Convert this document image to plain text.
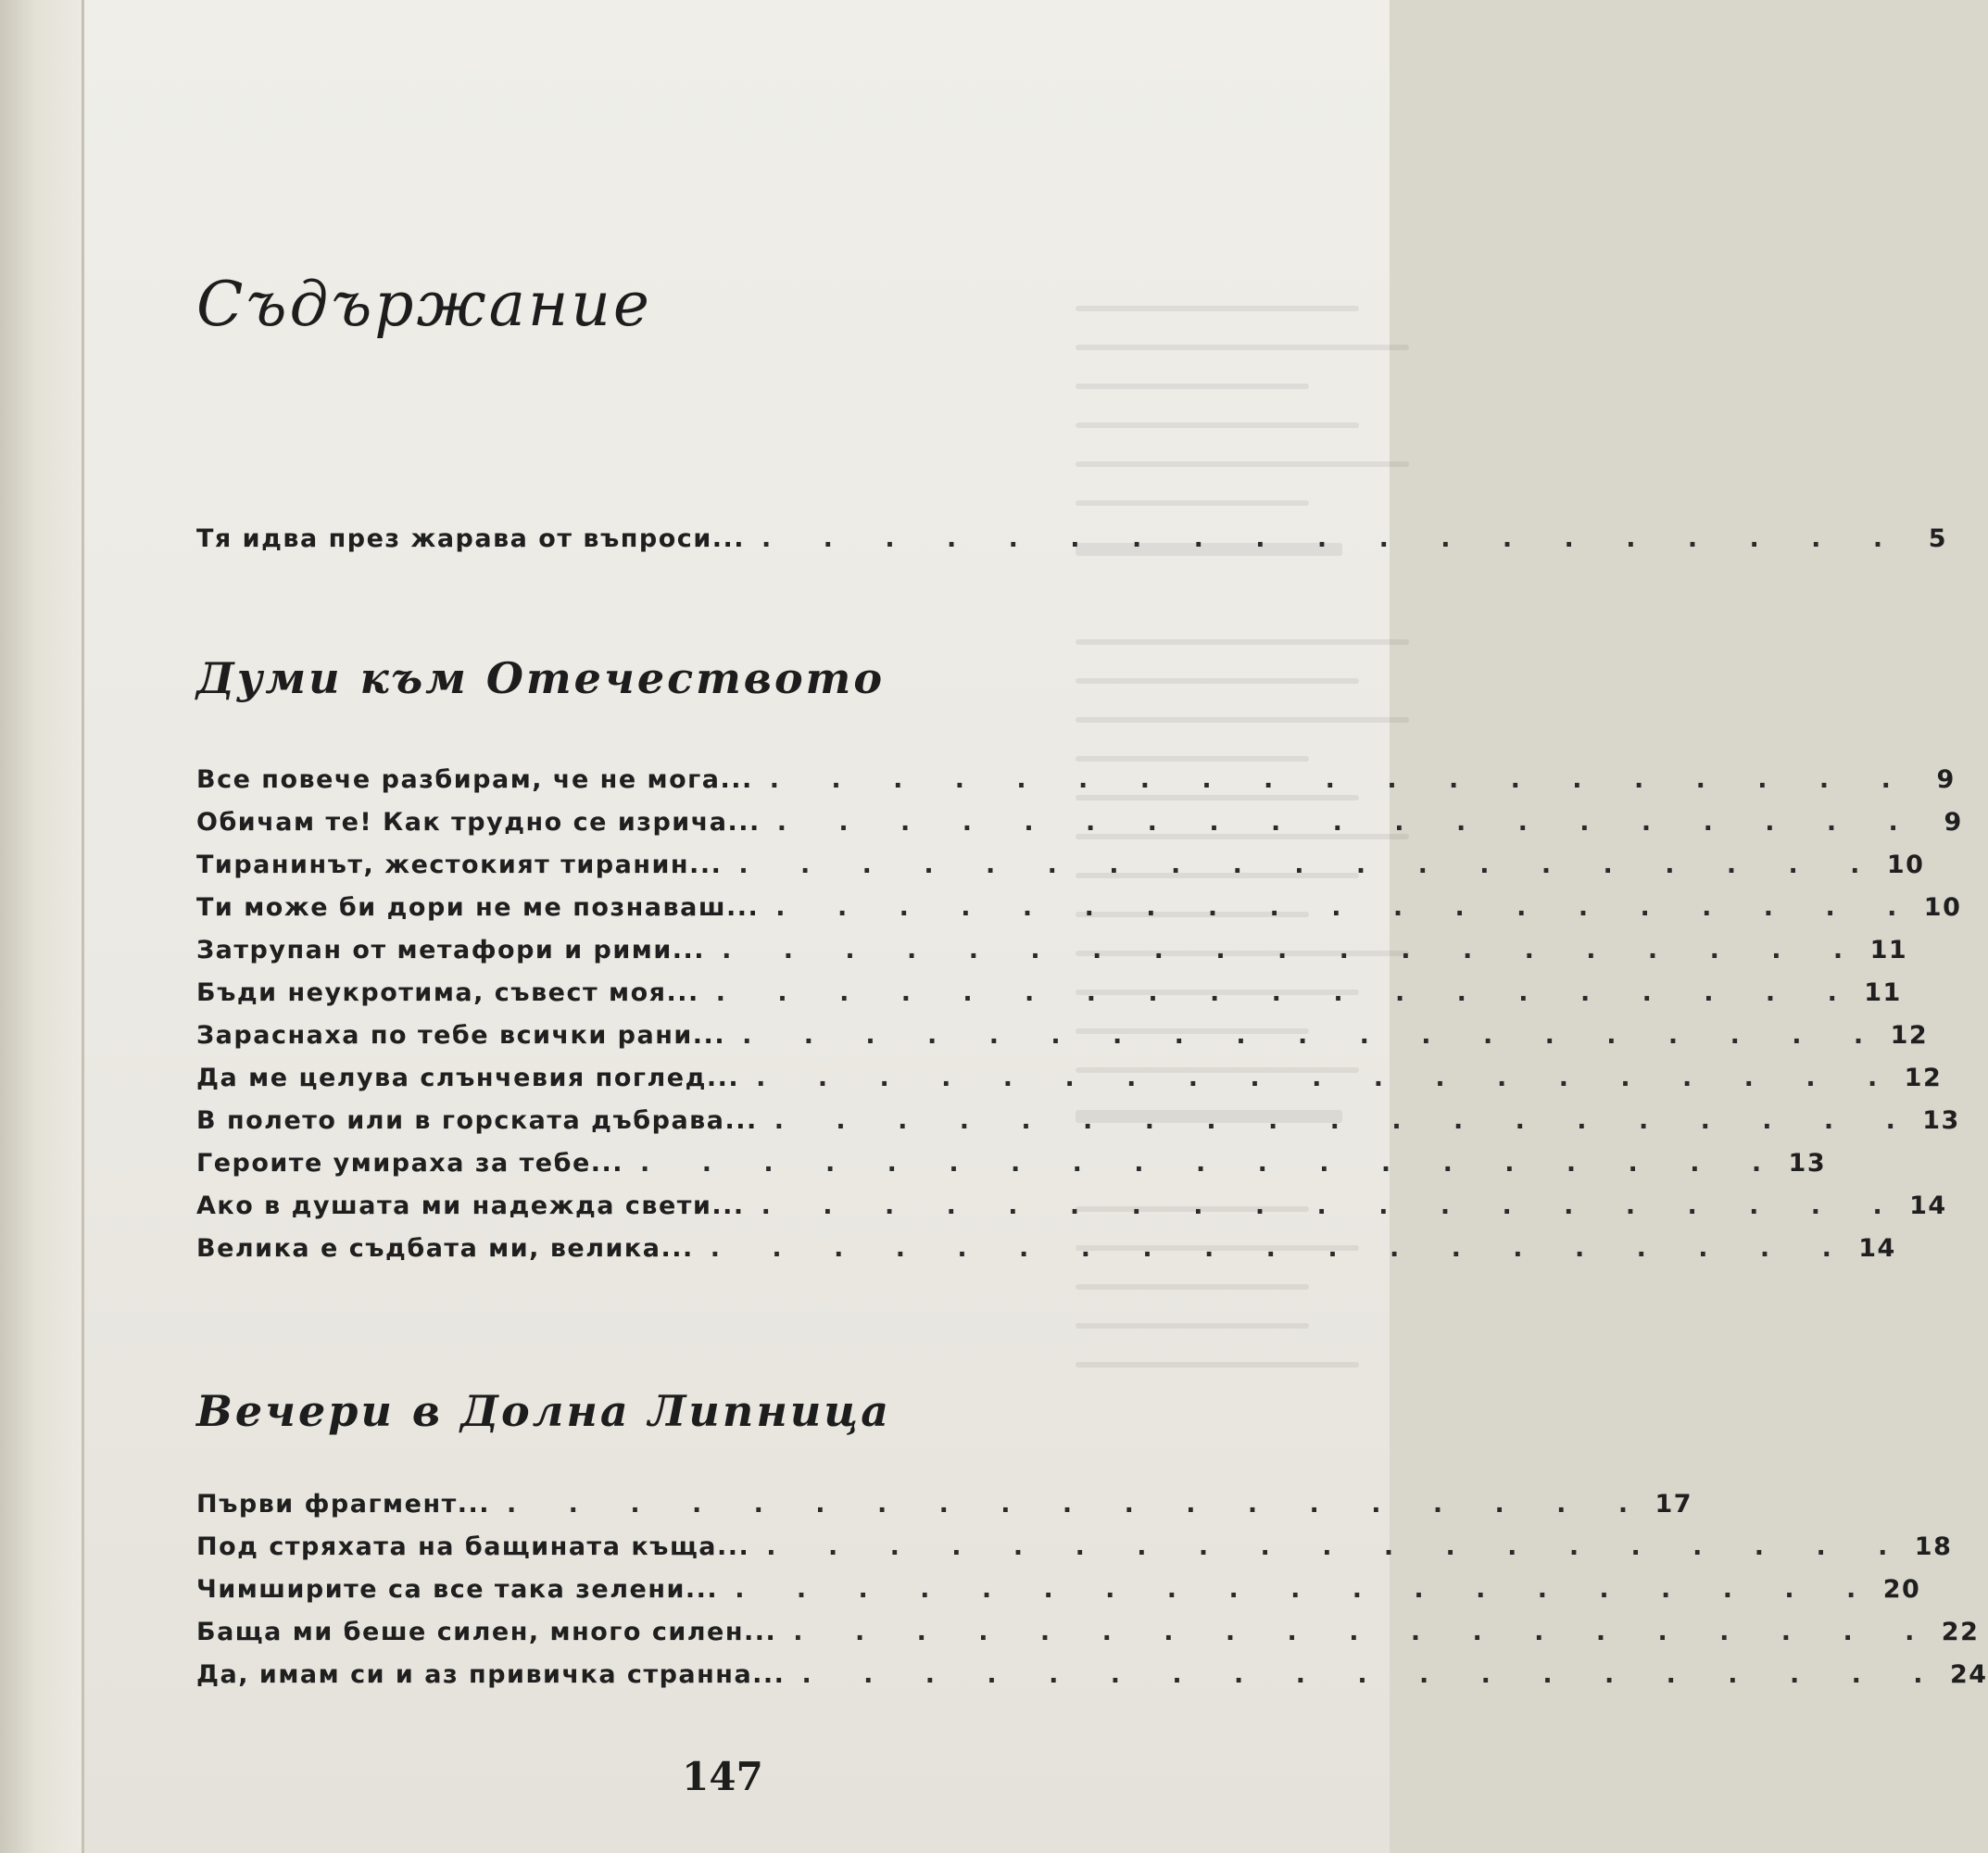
Съдържание
Тя идва през жарава от въпроси... .	5
Думи към Отечеството
Все повече разбирам, че не мога... .	9
Обичам те! Как трудно се изрича... .	9
Тиранинът, жестокият тиранин... .	10
Ти може би дори не ме познаваш... .	10
Затрупан от метафори и рими... .	11
Бъди неукротима, съвест моя... .	11
Зараснаха по тебе всички рани... .	12
Да ме целува слънчевия поглед... .	12
В полето или в горската дъбрава... .	13
Героите умираха за тебе... .	13
Ако в душата ми надежда свети... .	14
Велика е съдбата ми, велика... .	14
Вечери в Долна Липница
Първи фрагмент... .	17
Под стряхата на бащината къща... .	18
Чимширите са все така зелени... .	20
Баща ми беше силен, много силен... .	22
Да, имам си и аз привичка странна... .	24
147
